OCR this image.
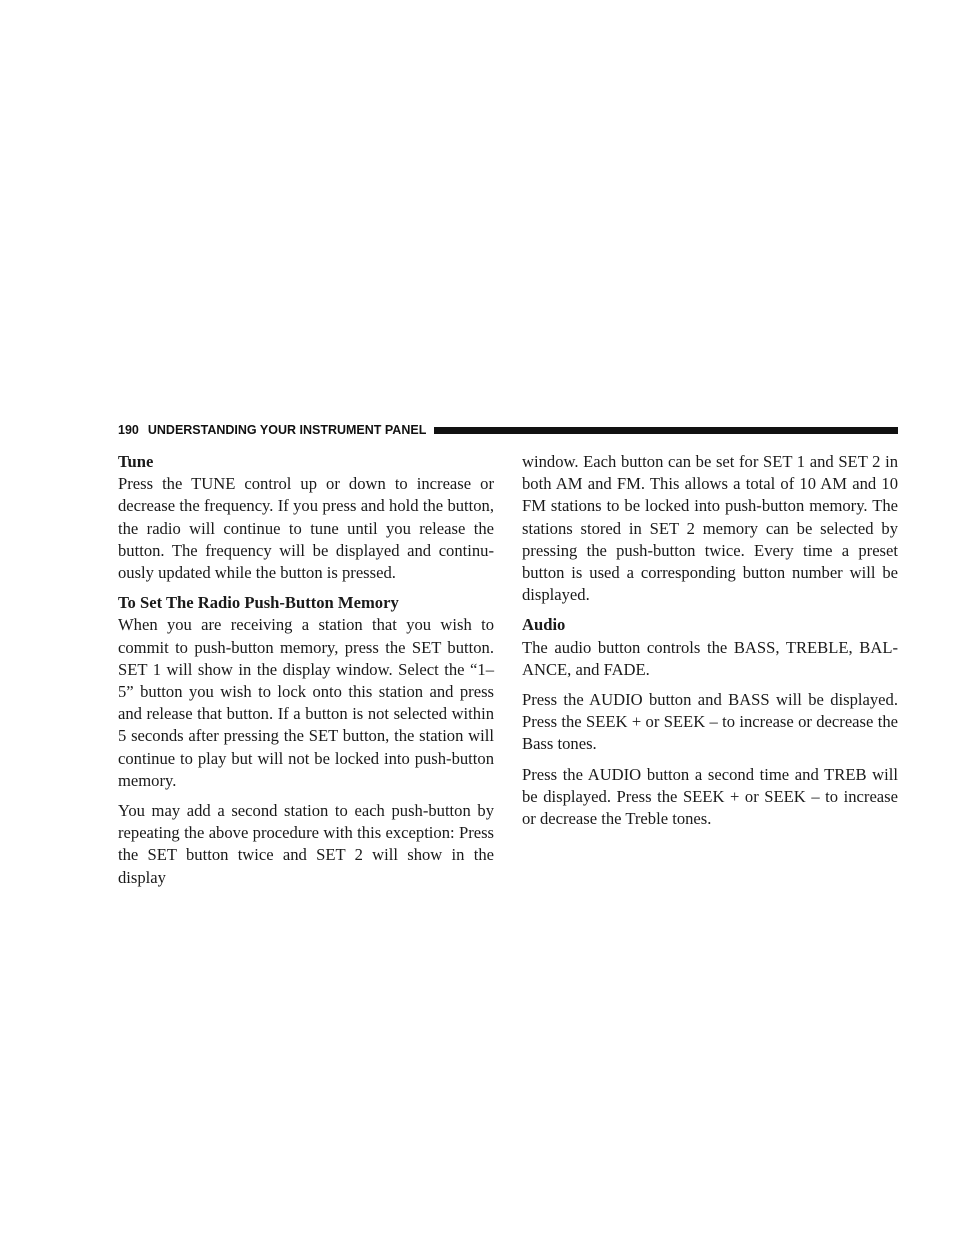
190 UNDERSTANDING YOUR INSTRUMENT PANEL
Tune

Press the TUNE control up or down to increase or decrease the frequency. If you press and hold the button, the radio will continue to tune until you release the button. The frequency will be displayed and continuously updated while the button is pressed.

To Set The Radio Push-Button Memory

When you are receiving a station that you wish to commit to push-button memory, press the SET button. SET 1 will show in the display window. Select the “1–5” button you wish to lock onto this station and press and release that button. If a button is not selected within 5 seconds after pressing the SET button, the station will continue to play but will not be locked into push-button memory.

You may add a second station to each push-button by repeating the above procedure with this exception: Press the SET button twice and SET 2 will show in the display

window. Each button can be set for SET 1 and SET 2 in both AM and FM. This allows a total of 10 AM and 10 FM stations to be locked into push-button memory. The stations stored in SET 2 memory can be selected by pressing the push-button twice. Every time a preset button is used a corresponding button number will be displayed.

Audio

The audio button controls the BASS, TREBLE, BALANCE, and FADE.

Press the AUDIO button and BASS will be displayed. Press the SEEK + or SEEK – to increase or decrease the Bass tones.

Press the AUDIO button a second time and TREB will be displayed. Press the SEEK + or SEEK – to increase or decrease the Treble tones.
